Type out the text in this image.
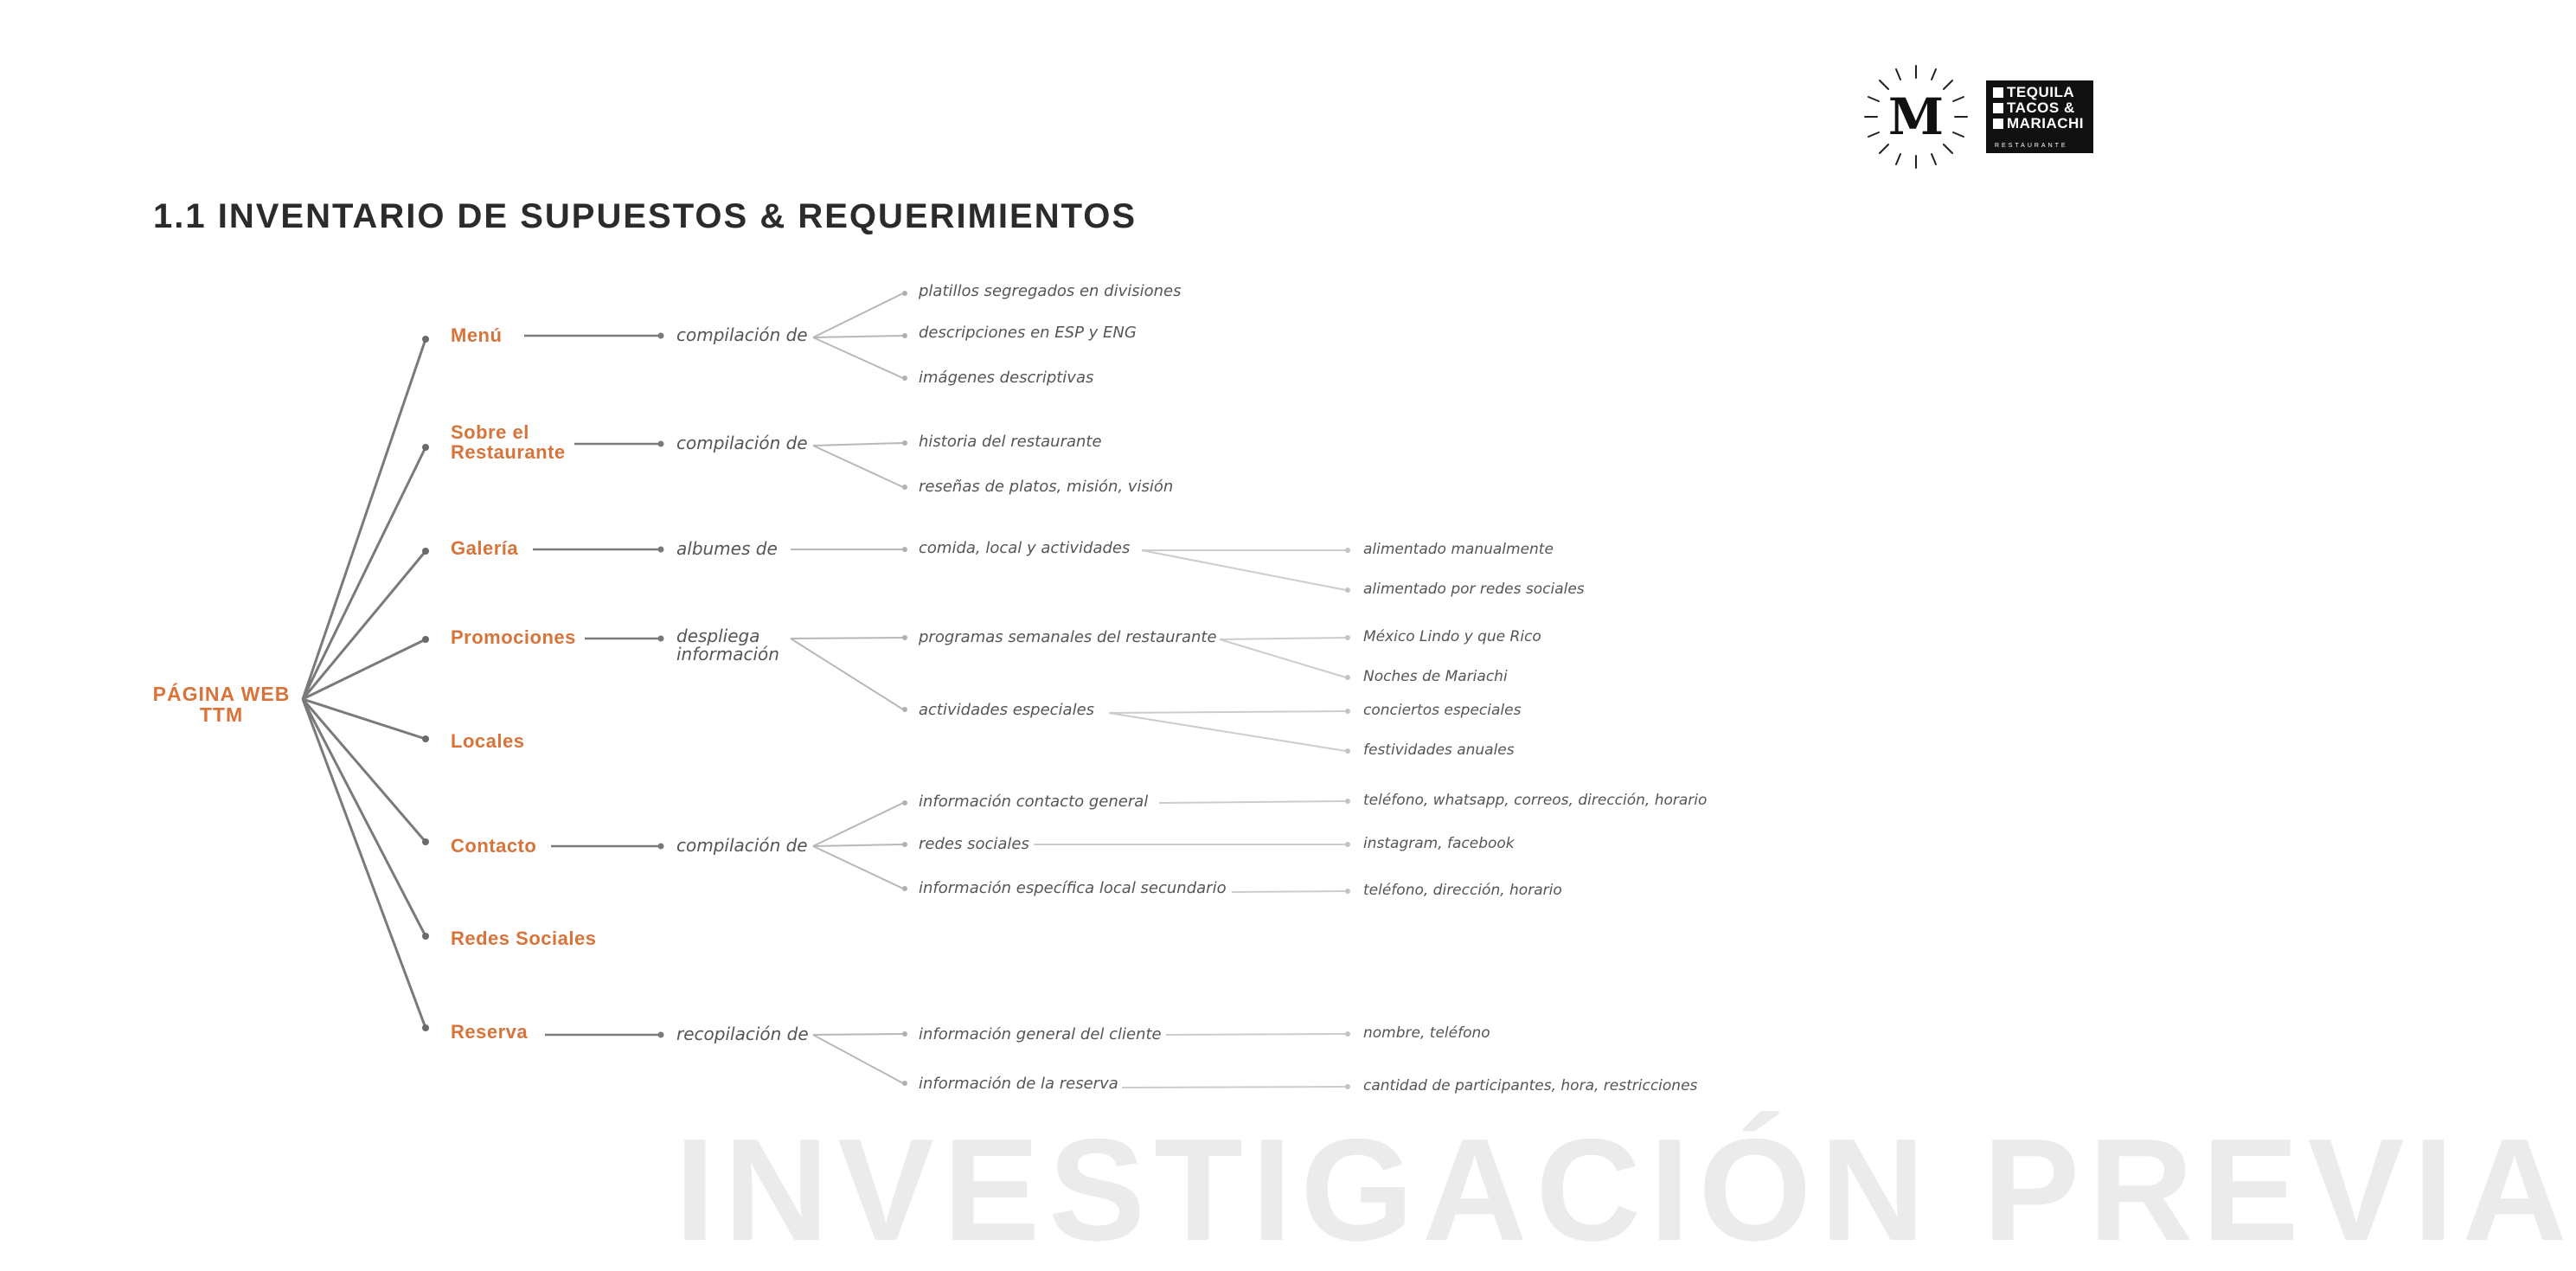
INVESTIGACIÓN PREVIA
M	TEQUILA
TACOS &
MARIACHI
RESTAURANTE
1.1 INVENTARIO DE SUPUESTOS & REQUERIMIENTOS
PÁGINA WEB TTM
Menú
Sobre el Restaurante
Galería
Promociones
Locales
Contacto
Redes Sociales
Reserva
compilación de
compilación de
albumes de
despliega información
compilación de
recopilación de
platillos segregados en divisiones
descripciones en ESP y ENG
imágenes descriptivas
historia del restaurante
reseñas de platos, misión, visión
comida, local y actividades
programas semanales del restaurante
actividades especiales
información contacto general
redes sociales
información específica local secundario
información general del cliente
información de la reserva
alimentado manualmente
alimentado por redes sociales
México Lindo y que Rico
Noches de Mariachi
conciertos especiales
festividades anuales
teléfono, whatsapp, correos, dirección, horario
instagram, facebook
teléfono, dirección, horario
nombre, teléfono
cantidad de participantes, hora, restricciones
